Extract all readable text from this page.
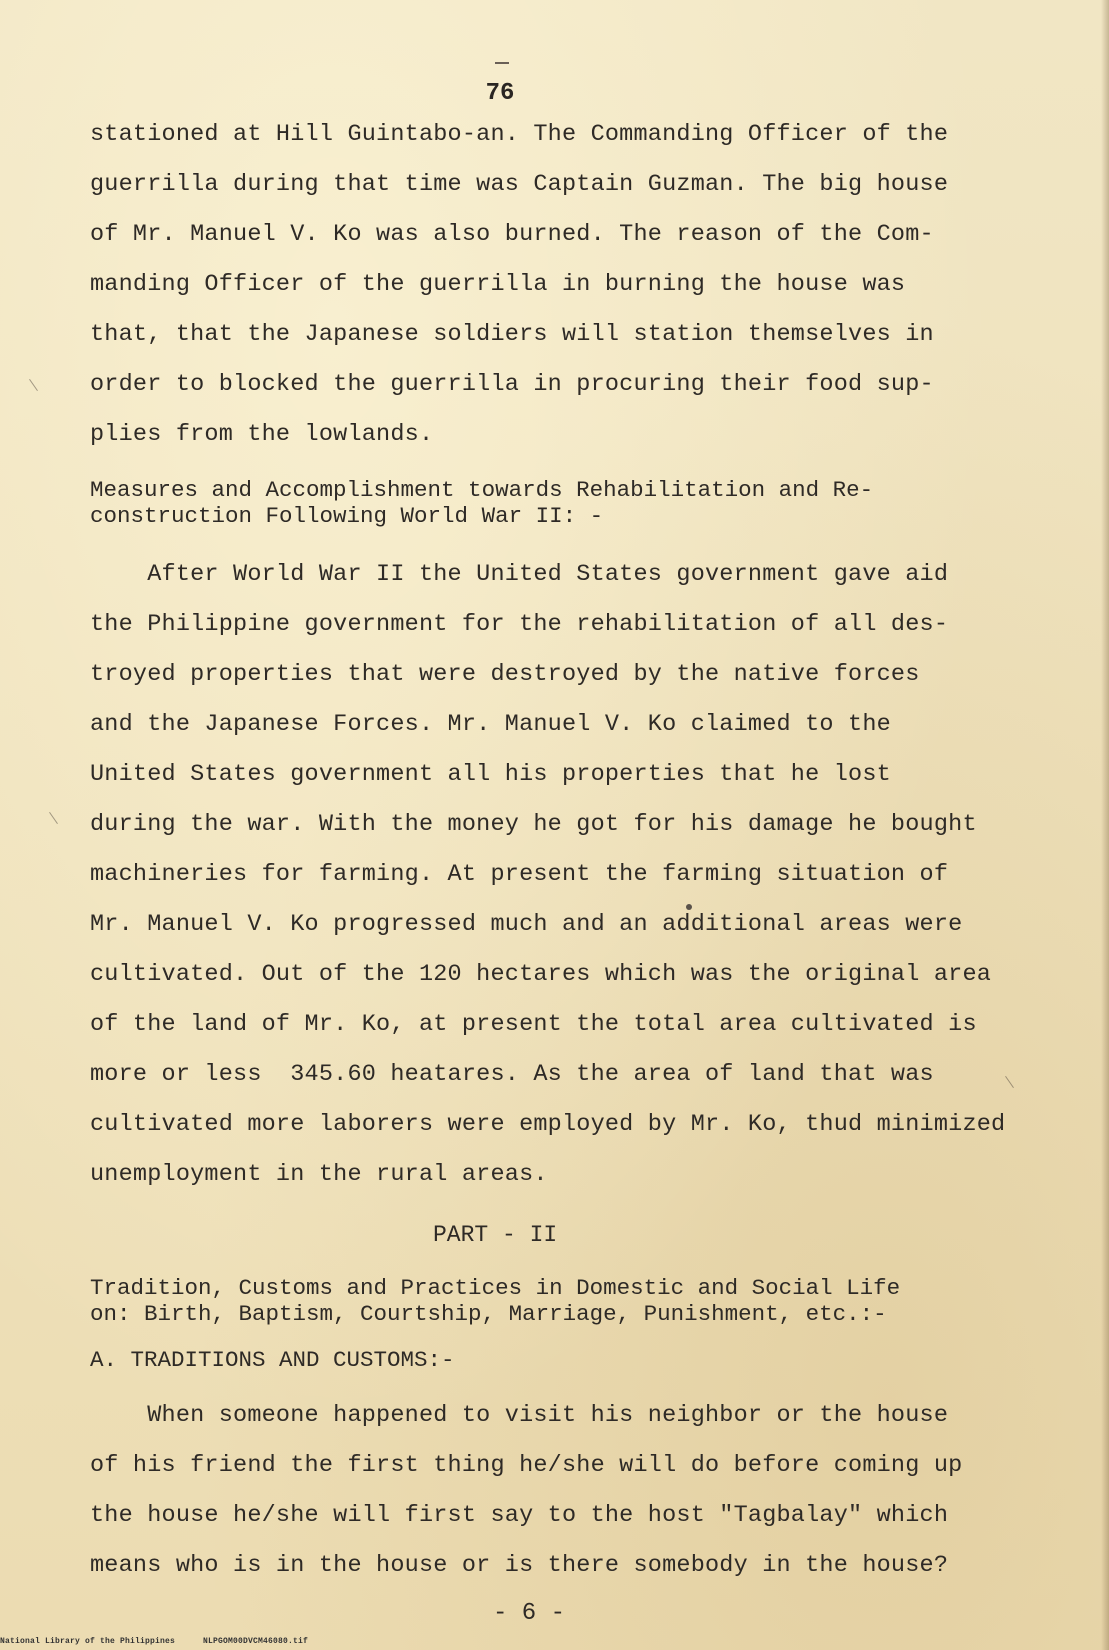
76
stationed at Hill Guintabo-an. The Commanding Officer of the
guerrilla during that time was Captain Guzman. The big house
of Mr. Manuel V. Ko was also burned. The reason of the Com-
manding Officer of the guerrilla in burning the house was
that, that the Japanese soldiers will station themselves in
order to blocked the guerrilla in procuring their food sup-
plies from the lowlands.
Measures and Accomplishment towards Rehabilitation and Re-
construction Following World War II: -
After World War II the United States government gave aid
the Philippine government for the rehabilitation of all des-
troyed properties that were destroyed by the native forces
and the Japanese Forces. Mr. Manuel V. Ko claimed to the
United States government all his properties that he lost
during the war. With the money he got for his damage he bought
machineries for farming. At present the farming situation of
Mr. Manuel V. Ko progressed much and an additional areas were
cultivated. Out of the 120 hectares which was the original area
of the land of Mr. Ko, at present the total area cultivated is
more or less  345.60 heatares. As the area of land that was
cultivated more laborers were employed by Mr. Ko, thud minimized
unemployment in the rural areas.
PART - II
Tradition, Customs and Practices in Domestic and Social Life
on: Birth, Baptism, Courtship, Marriage, Punishment, etc.:-
A. TRADITIONS AND CUSTOMS:-
When someone happened to visit his neighbor or the house
of his friend the first thing he/she will do before coming up
the house he/she will first say to the host "Tagbalay" which
means who is in the house or is there somebody in the house?
- 6 -
National Library of the Philippines	NLPGOM00DVCM46080.tif
